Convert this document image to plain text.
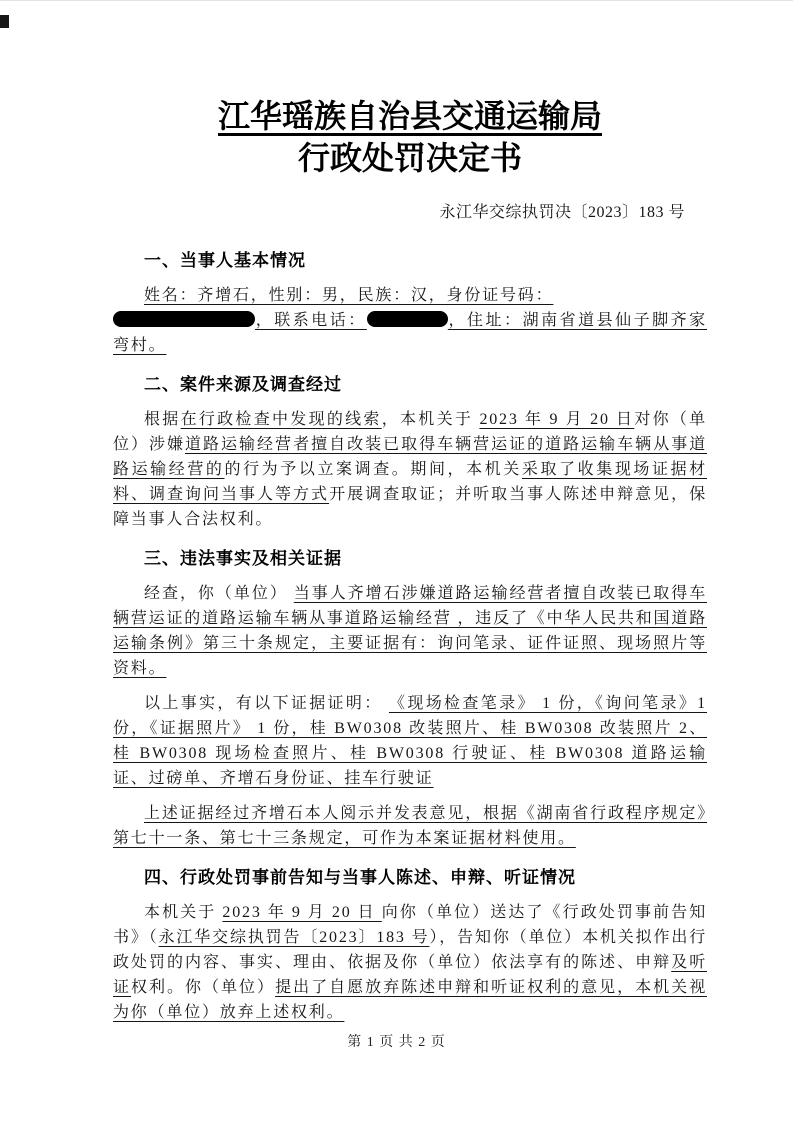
江华瑶族自治县交通运输局
行政处罚决定书
永江华交综执罚决〔2023〕183 号
一、当事人基本情况

姓名：齐增石，性别：男，民族：汉，身份证号码：
，联系电话：	，住址：湖南省道县仙子脚齐家弯村。

二、案件来源及调查经过

根据在行政检查中发现的线索，本机关于 2023 年 9 月 20 日对你（单位）涉嫌道路运输经营者擅自改装已取得车辆营运证的道路运输车辆从事道路运输经营的的行为予以立案调查。期间，本机关采取了收集现场证据材料、调查询问当事人等方式开展调查取证；并听取当事人陈述申辩意见，保障当事人合法权利。

三、违法事实及相关证据

经查，你（单位） 当事人齐增石涉嫌道路运输经营者擅自改装已取得车辆营运证的道路运输车辆从事道路运输经营 ，违反了《中华人民共和国道路运输条例》第三十条规定，主要证据有：询问笔录、证件证照、现场照片等资料。

以上事实，有以下证据证明： 《现场检查笔录》 1 份，《询问笔录》1 份，《证据照片》 1 份，桂 BW0308 改装照片、桂 BW0308 改装照片 2、桂 BW0308 现场检查照片、桂 BW0308 行驶证、桂 BW0308 道路运输证、过磅单、齐增石身份证、挂车行驶证

上述证据经过齐增石本人阅示并发表意见，根据《湖南省行政程序规定》第七十一条、第七十三条规定，可作为本案证据材料使用。

四、行政处罚事前告知与当事人陈述、申辩、听证情况

本机关于 2023 年 9 月 20 日 向你（单位）送达了《行政处罚事前告知书》（永江华交综执罚告〔2023〕183 号），告知你（单位）本机关拟作出行政处罚的内容、事实、理由、依据及你（单位）依法享有的陈述、申辩及听证权利。你（单位）提出了自愿放弃陈述申辩和听证权利的意见，本机关视为你（单位）放弃上述权利。

第 1 页 共 2 页
